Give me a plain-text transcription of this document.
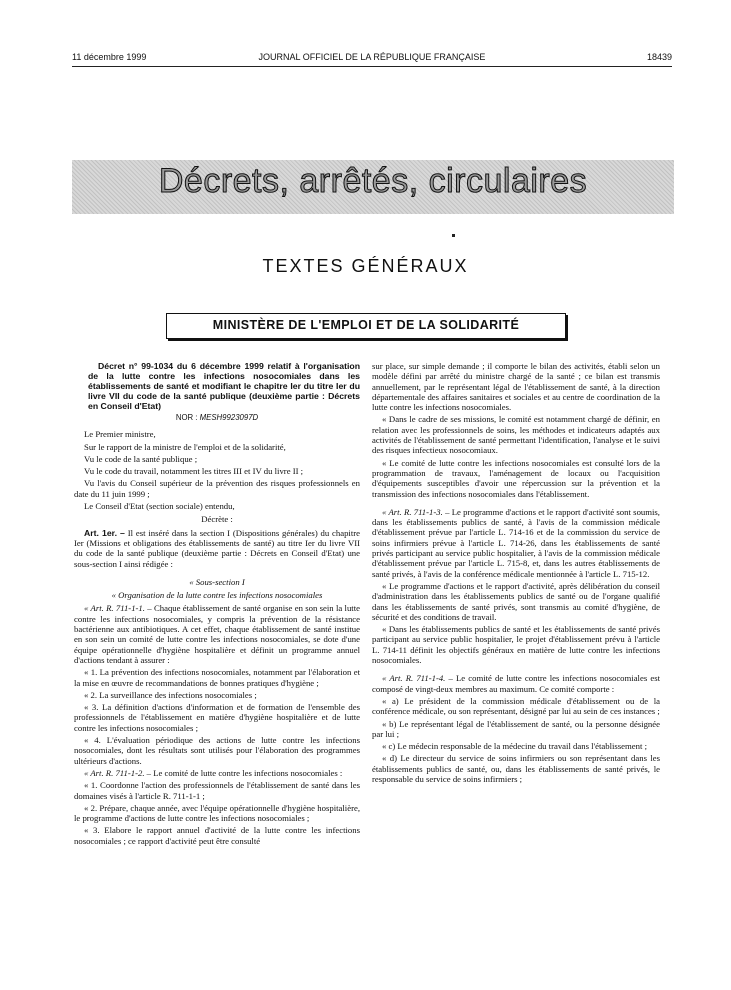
11 décembre 1999	JOURNAL OFFICIEL DE LA RÉPUBLIQUE FRANÇAISE	18439
Décrets, arrêtés, circulaires
TEXTES GÉNÉRAUX
MINISTÈRE DE L'EMPLOI ET DE LA SOLIDARITÉ

Décret n° 99-1034 du 6 décembre 1999 relatif à l'organisation de la lutte contre les infections nosocomiales dans les établissements de santé et modifiant le chapitre Ier du titre Ier du livre VII du code de la santé publique (deuxième partie : Décrets en Conseil d'Etat)

NOR : MESH9923097D

Le Premier ministre,

Sur le rapport de la ministre de l'emploi et de la solidarité,

Vu le code de la santé publique ;

Vu le code du travail, notamment les titres III et IV du livre II ;

Vu l'avis du Conseil supérieur de la prévention des risques professionnels en date du 11 juin 1999 ;

Le Conseil d'Etat (section sociale) entendu,

Décrète :

Art. 1er. – Il est inséré dans la section I (Dispositions générales) du chapitre Ier (Missions et obligations des établissements de santé) au titre Ier du livre VII du code de la santé publique (deuxième partie : Décrets en Conseil d'Etat) une sous-section I ainsi rédigée :

« Sous-section I

« Organisation de la lutte contre les infections nosocomiales

« Art. R. 711-1-1. – Chaque établissement de santé organise en son sein la lutte contre les infections nosocomiales, y compris la prévention de la résistance bactérienne aux antibiotiques. A cet effet, chaque établissement de santé institue en son sein un comité de lutte contre les infections nosocomiales, se dote d'une équipe opérationnelle d'hygiène hospitalière et définit un programme annuel d'actions tendant à assurer :

« 1. La prévention des infections nosocomiales, notamment par l'élaboration et la mise en œuvre de recommandations de bonnes pratiques d'hygiène ;

« 2. La surveillance des infections nosocomiales ;

« 3. La définition d'actions d'information et de formation de l'ensemble des professionnels de l'établissement en matière d'hygiène hospitalière et de lutte contre les infections nosocomiales ;

« 4. L'évaluation périodique des actions de lutte contre les infections nosocomiales, dont les résultats sont utilisés pour l'élaboration des programmes ultérieurs d'actions.

« Art. R. 711-1-2. – Le comité de lutte contre les infections nosocomiales :

« 1. Coordonne l'action des professionnels de l'établissement de santé dans les domaines visés à l'article R. 711-1-1 ;

« 2. Prépare, chaque année, avec l'équipe opérationnelle d'hygiène hospitalière, le programme d'actions de lutte contre les infections nosocomiales ;

« 3. Elabore le rapport annuel d'activité de la lutte contre les infections nosocomiales ; ce rapport d'activité peut être consulté

sur place, sur simple demande ; il comporte le bilan des activités, établi selon un modèle défini par arrêté du ministre chargé de la santé ; ce bilan est transmis annuellement, par le représentant légal de l'établissement de santé, à la direction départementale des affaires sanitaires et sociales et au centre de coordination de la lutte contre les infections nosocomiales.

« Dans le cadre de ses missions, le comité est notamment chargé de définir, en relation avec les professionnels de soins, les méthodes et indicateurs adaptés aux activités de l'établissement de santé permettant l'identification, l'analyse et le suivi des risques infectieux nosocomiaux.

« Le comité de lutte contre les infections nosocomiales est consulté lors de la programmation de travaux, l'aménagement de locaux ou l'acquisition d'équipements susceptibles d'avoir une répercussion sur la prévention et la transmission des infections nosocomiales dans l'établissement.

« Art. R. 711-1-3. – Le programme d'actions et le rapport d'activité sont soumis, dans les établissements publics de santé, à l'avis de la commission médicale d'établissement prévue par l'article L. 714-16 et de la commission du service de soins infirmiers prévue à l'article L. 714-26, dans les établissements de santé privés participant au service public hospitalier, à l'avis de la commission médicale d'établissement prévue par l'article L. 715-8, et, dans les autres établissements de santé privés, à l'avis de la conférence médicale mentionnée à l'article L. 715-12.

« Le programme d'actions et le rapport d'activité, après délibération du conseil d'administration dans les établissements publics de santé ou de l'organe qualifié dans les établissements de santé privés, sont transmis au comité d'hygiène, de sécurité et des conditions de travail.

« Dans les établissements publics de santé et les établissements de santé privés participant au service public hospitalier, le projet d'établissement prévu à l'article L. 714-11 définit les objectifs généraux en matière de lutte contre les infections nosocomiales.

« Art. R. 711-1-4. – Le comité de lutte contre les infections nosocomiales est composé de vingt-deux membres au maximum. Ce comité comporte :

« a) Le président de la commission médicale d'établissement ou de la conférence médicale, ou son représentant, désigné par lui au sein de ces instances ;

« b) Le représentant légal de l'établissement de santé, ou la personne désignée par lui ;

« c) Le médecin responsable de la médecine du travail dans l'établissement ;

« d) Le directeur du service de soins infirmiers ou son représentant dans les établissements publics de santé, ou, dans les établissements de santé privés, le responsable du service de soins infirmiers ;
